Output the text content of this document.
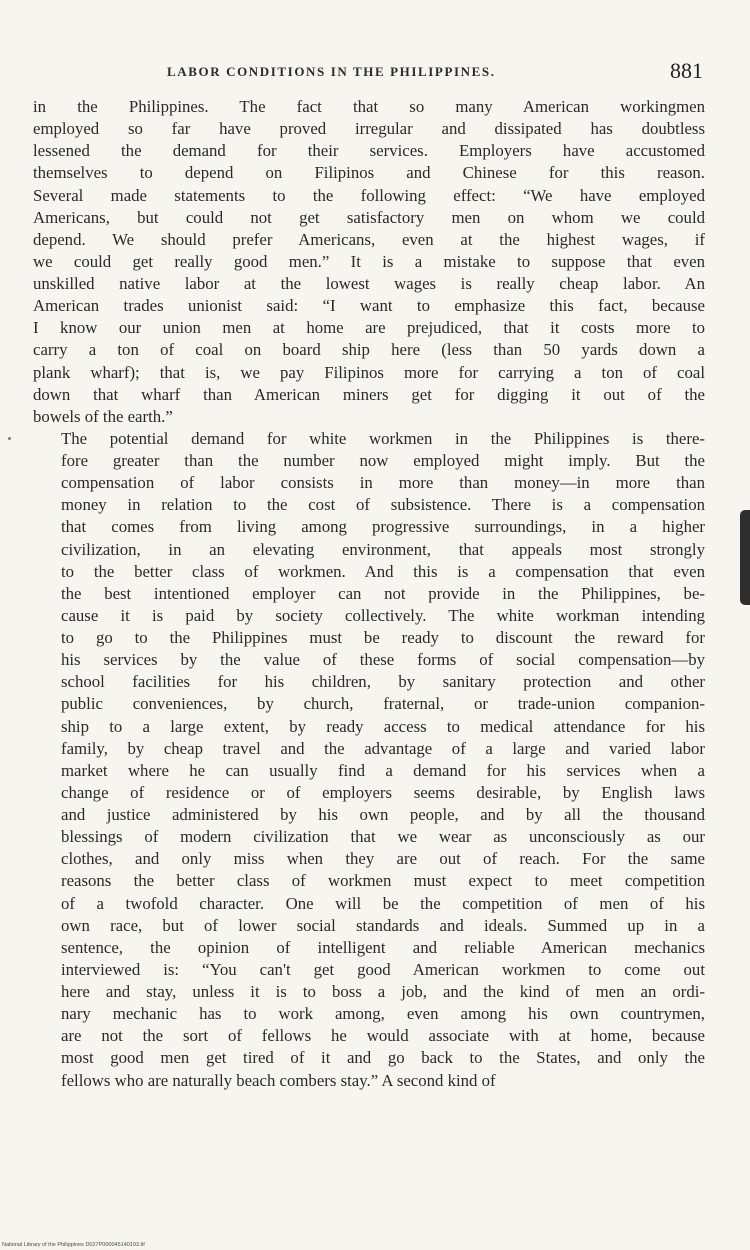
LABOR CONDITIONS IN THE PHILIPPINES.	881

in the Philippines. The fact that so many American workingmen
employed so far have proved irregular and dissipated has doubtless
lessened the demand for their services. Employers have accustomed
themselves to depend on Filipinos and Chinese for this reason.
Several made statements to the following effect: “We have employed
Americans, but could not get satisfactory men on whom we could
depend. We should prefer Americans, even at the highest wages, if
we could get really good men.” It is a mistake to suppose that even
unskilled native labor at the lowest wages is really cheap labor. An
American trades unionist said: “I want to emphasize this fact, because
I know our union men at home are prejudiced, that it costs more to
carry a ton of coal on board ship here (less than 50 yards down a
plank wharf); that is, we pay Filipinos more for carrying a ton of coal
down that wharf than American miners get for digging it out of the
bowels of the earth.”

The potential demand for white workmen in the Philippines is there-
fore greater than the number now employed might imply. But the
compensation of labor consists in more than money—in more than
money in relation to the cost of subsistence. There is a compensation
that comes from living among progressive surroundings, in a higher
civilization, in an elevating environment, that appeals most strongly
to the better class of workmen. And this is a compensation that even
the best intentioned employer can not provide in the Philippines, be-
cause it is paid by society collectively. The white workman intending
to go to the Philippines must be ready to discount the reward for
his services by the value of these forms of social compensation—by
school facilities for his children, by sanitary protection and other
public conveniences, by church, fraternal, or trade-union companion-
ship to a large extent, by ready access to medical attendance for his
family, by cheap travel and the advantage of a large and varied labor
market where he can usually find a demand for his services when a
change of residence or of employers seems desirable, by English laws
and justice administered by his own people, and by all the thousand
blessings of modern civilization that we wear as unconsciously as our
clothes, and only miss when they are out of reach. For the same
reasons the better class of workmen must expect to meet competition
of a twofold character. One will be the competition of men of his
own race, but of lower social standards and ideals. Summed up in a
sentence, the opinion of intelligent and reliable American mechanics
interviewed is: “You can't get good American workmen to come out
here and stay, unless it is to boss a job, and the kind of men an ordi-
nary mechanic has to work among, even among his own countrymen,
are not the sort of fellows he would associate with at home, because
most good men get tired of it and go back to the States, and only the
fellows who are naturally beach combers stay.” A second kind of

National Library of the Philippines D027P000045140193.tif
